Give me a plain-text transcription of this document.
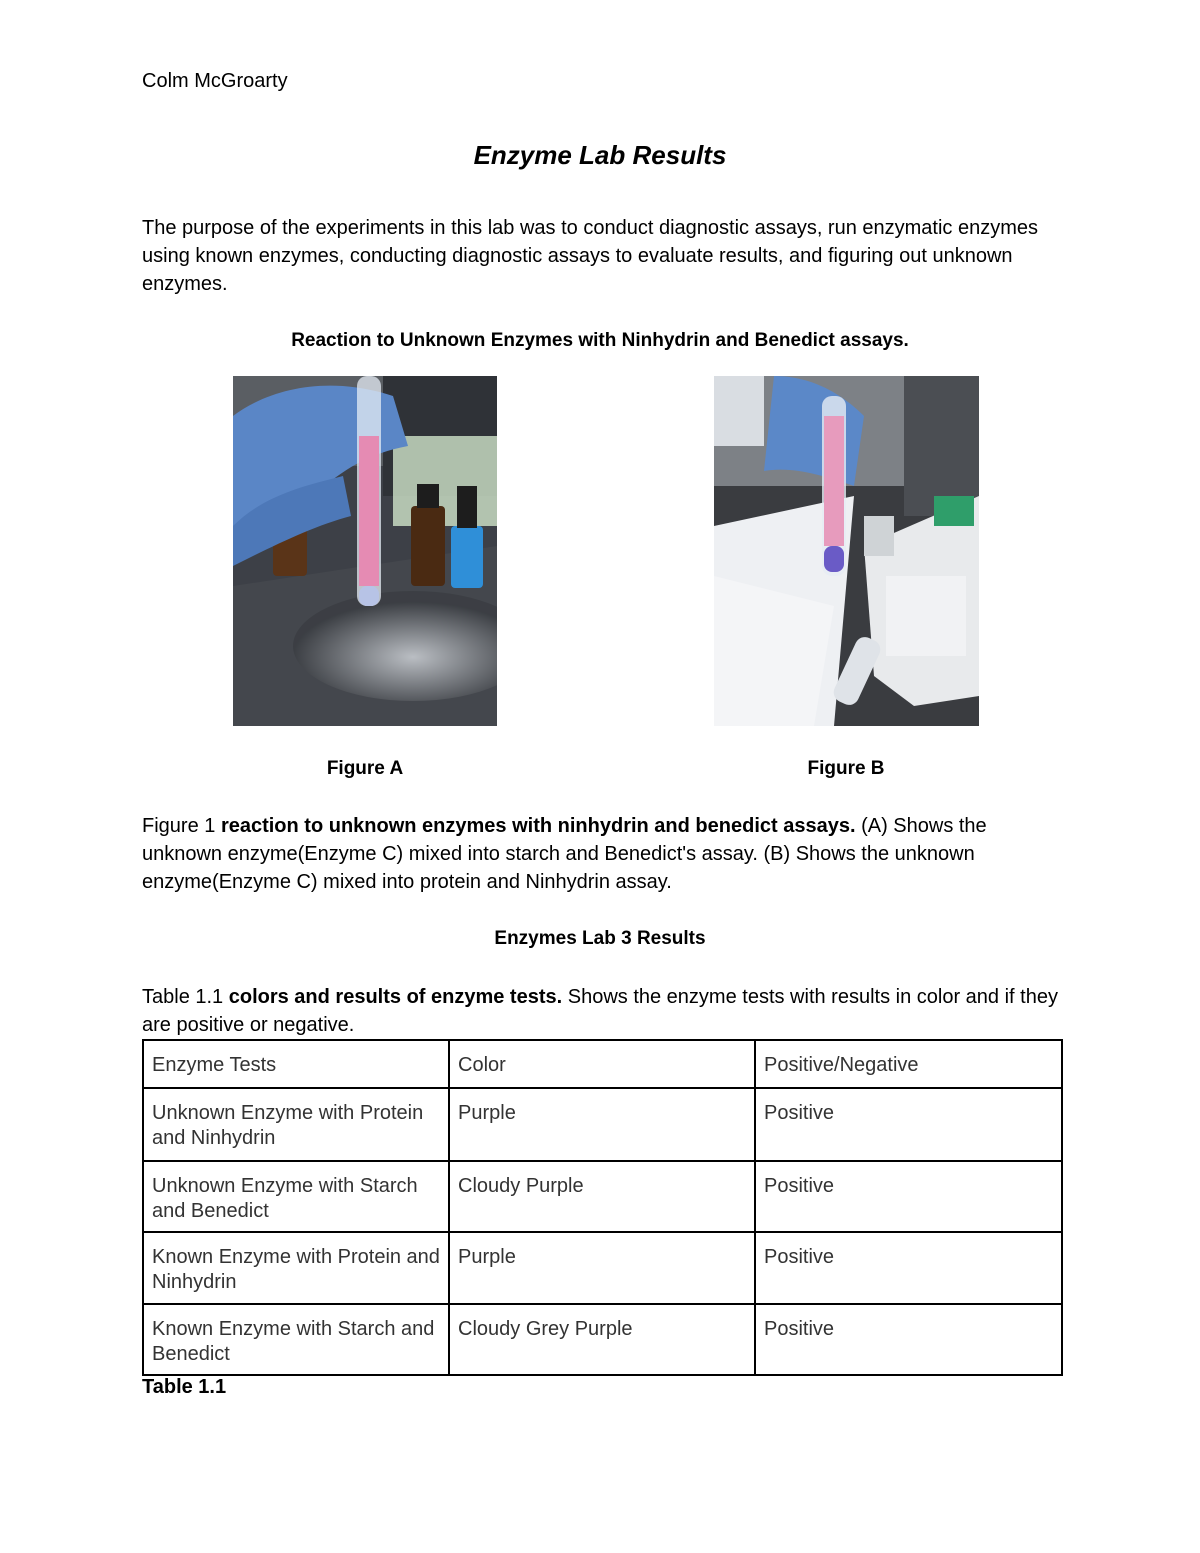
Colm McGroarty
Enzyme Lab Results
The purpose of the experiments in this lab was to conduct diagnostic assays, run enzymatic enzymes using known enzymes, conducting diagnostic assays to evaluate results, and figuring out unknown enzymes.
Reaction to Unknown Enzymes with Ninhydrin and Benedict assays.
Figure A	Figure B
Figure 1 reaction to unknown enzymes with ninhydrin and benedict assays. (A) Shows the unknown enzyme(Enzyme C) mixed into starch and Benedict's assay. (B) Shows the unknown enzyme(Enzyme C) mixed into protein and Ninhydrin assay.
Enzymes Lab 3 Results
Table 1.1 colors and results of enzyme tests. Shows the enzyme tests with results in color and if they are positive or negative.
Enzyme Tests	Color	Positive/Negative
Unknown Enzyme with Protein and Ninhydrin	Purple	Positive
Unknown Enzyme with Starch and Benedict	Cloudy Purple	Positive
Known Enzyme with Protein and Ninhydrin	Purple	Positive
Known Enzyme with Starch and Benedict	Cloudy Grey Purple	Positive
Table 1.1
